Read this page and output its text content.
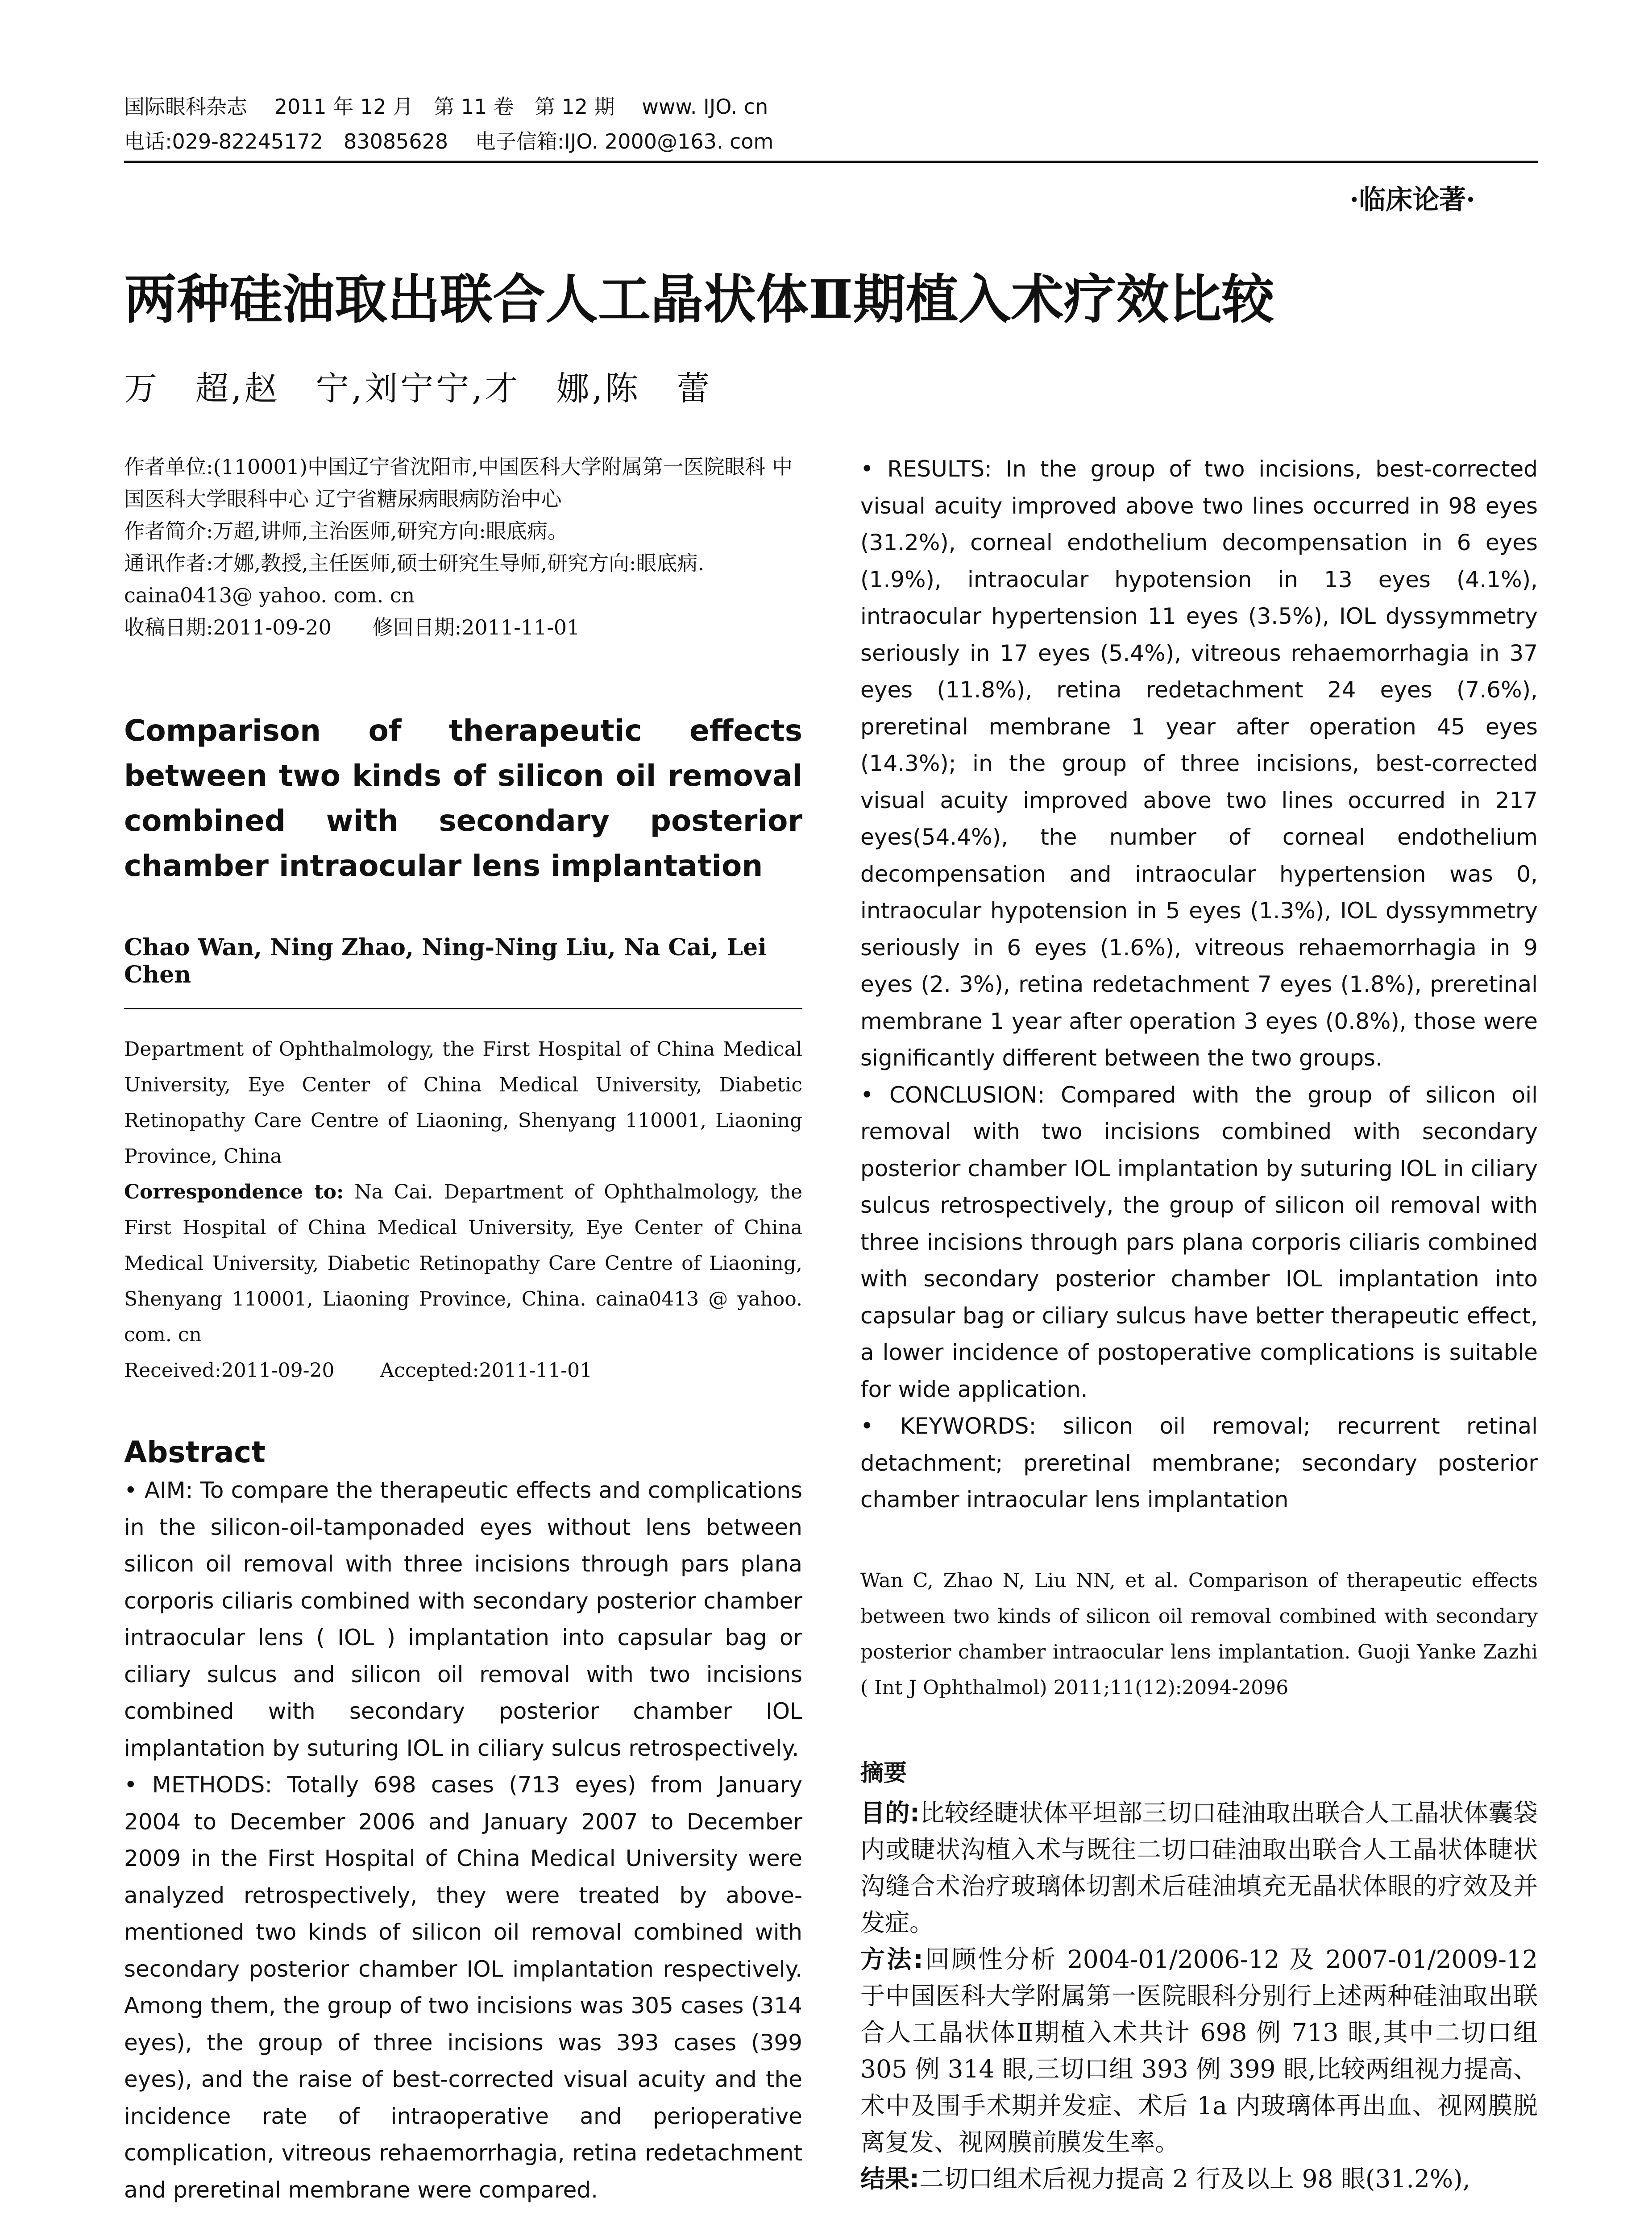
国际眼科杂志　 2011 年 12 月　第 11 卷　第 12 期　 www. IJO. cn
电话:029-82245172　83085628　 电子信箱:IJO. 2000@163. com
·临床论著·
两种硅油取出联合人工晶状体Ⅱ期植入术疗效比较
万　超,赵　宁,刘宁宁,才　娜,陈　蕾

作者单位:(110001)中国辽宁省沈阳市,中国医科大学附属第一医院眼科 中国医科大学眼科中心 辽宁省糖尿病眼病防治中心

作者简介:万超,讲师,主治医师,研究方向:眼底病。

通讯作者:才娜,教授,主任医师,硕士研究生导师,研究方向:眼底病. caina0413@ yahoo. com. cn

收稿日期:2011-09-20　　修回日期:2011-11-01

Comparison of therapeutic effects between two kinds of silicon oil removal combined with secondary posterior chamber intraocular lens implantation
Chao Wan, Ning Zhao, Ning-Ning Liu, Na Cai, Lei Chen

Department of Ophthalmology, the First Hospital of China Medical University, Eye Center of China Medical University, Diabetic Retinopathy Care Centre of Liaoning, Shenyang 110001, Liaoning Province, China

Correspondence to: Na Cai. Department of Ophthalmology, the First Hospital of China Medical University, Eye Center of China Medical University, Diabetic Retinopathy Care Centre of Liaoning, Shenyang 110001, Liaoning Province, China. caina0413 @ yahoo. com. cn

Received:2011-09-20　　 Accepted:2011-11-01

Abstract

• AIM: To compare the therapeutic effects and complications in the silicon-oil-tamponaded eyes without lens between silicon oil removal with three incisions through pars plana corporis ciliaris combined with secondary posterior chamber intraocular lens ( IOL ) implantation into capsular bag or ciliary sulcus and silicon oil removal with two incisions combined with secondary posterior chamber IOL implantation by suturing IOL in ciliary sulcus retrospectively.

• METHODS: Totally 698 cases (713 eyes) from January 2004 to December 2006 and January 2007 to December 2009 in the First Hospital of China Medical University were analyzed retrospectively, they were treated by above-mentioned two kinds of silicon oil removal combined with secondary posterior chamber IOL implantation respectively. Among them, the group of two incisions was 305 cases (314 eyes), the group of three incisions was 393 cases (399 eyes), and the raise of best-corrected visual acuity and the incidence rate of intraoperative and perioperative complication, vitreous rehaemorrhagia, retina redetachment and preretinal membrane were compared.

• RESULTS: In the group of two incisions, best-corrected visual acuity improved above two lines occurred in 98 eyes (31.2%), corneal endothelium decompensation in 6 eyes (1.9%), intraocular hypotension in 13 eyes (4.1%), intraocular hypertension 11 eyes (3.5%), IOL dyssymmetry seriously in 17 eyes (5.4%), vitreous rehaemorrhagia in 37 eyes (11.8%), retina redetachment 24 eyes (7.6%), preretinal membrane 1 year after operation 45 eyes (14.3%); in the group of three incisions, best-corrected visual acuity improved above two lines occurred in 217 eyes(54.4%), the number of corneal endothelium decompensation and intraocular hypertension was 0, intraocular hypotension in 5 eyes (1.3%), IOL dyssymmetry seriously in 6 eyes (1.6%), vitreous rehaemorrhagia in 9 eyes (2. 3%), retina redetachment 7 eyes (1.8%), preretinal membrane 1 year after operation 3 eyes (0.8%), those were significantly different between the two groups.

• CONCLUSION: Compared with the group of silicon oil removal with two incisions combined with secondary posterior chamber IOL implantation by suturing IOL in ciliary sulcus retrospectively, the group of silicon oil removal with three incisions through pars plana corporis ciliaris combined with secondary posterior chamber IOL implantation into capsular bag or ciliary sulcus have better therapeutic effect, a lower incidence of postoperative complications is suitable for wide application.

• KEYWORDS: silicon oil removal; recurrent retinal detachment; preretinal membrane; secondary posterior chamber intraocular lens implantation

Wan C, Zhao N, Liu NN, et al. Comparison of therapeutic effects between two kinds of silicon oil removal combined with secondary posterior chamber intraocular lens implantation. Guoji Yanke Zazhi ( Int J Ophthalmol) 2011;11(12):2094-2096
摘要

目的:比较经睫状体平坦部三切口硅油取出联合人工晶状体囊袋内或睫状沟植入术与既往二切口硅油取出联合人工晶状体睫状沟缝合术治疗玻璃体切割术后硅油填充无晶状体眼的疗效及并发症。

方法:回顾性分析 2004-01/2006-12 及 2007-01/2009-12 于中国医科大学附属第一医院眼科分别行上述两种硅油取出联合人工晶状体Ⅱ期植入术共计 698 例 713 眼,其中二切口组 305 例 314 眼,三切口组 393 例 399 眼,比较两组视力提高、术中及围手术期并发症、术后 1a 内玻璃体再出血、视网膜脱离复发、视网膜前膜发生率。

结果:二切口组术后视力提高 2 行及以上 98 眼(31.2%),
